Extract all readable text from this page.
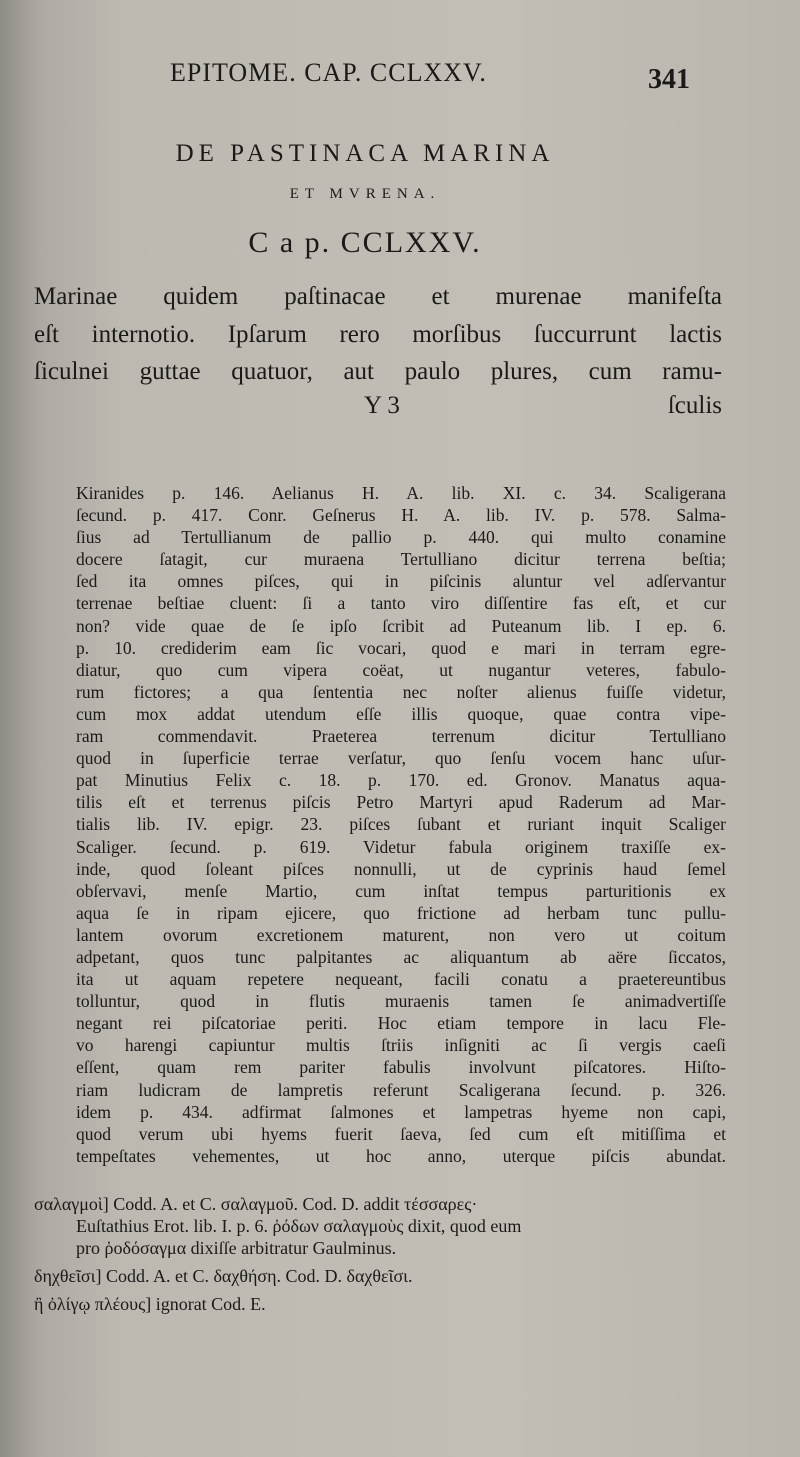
EPITOME. CAP. CCLXXV.	341
DE PASTINACA MARINA
ET MVRENA.
C a p. CCLXXV.
Marinae quidem paſtinacae et murenae manifeſta
eſt internotio. Ipſarum rero morſibus ſuccurrunt lactis
ſiculnei guttae quatuor, aut paulo plures, cum ramu-
Y 3	ſculis
Kiranides p. 146. Aelianus H. A. lib. XI. c. 34. Scaligerana
ſecund. p. 417. Conr. Geſnerus H. A. lib. IV. p. 578. Salma-
ſius ad Tertullianum de pallio p. 440. qui multo conamine
docere ſatagit, cur muraena Tertulliano dicitur terrena beſtia;
ſed ita omnes piſces, qui in piſcinis aluntur vel adſervantur
terrenae beſtiae cluent: ſi a tanto viro diſſentire fas eſt, et cur
non? vide quae de ſe ipſo ſcribit ad Puteanum lib. I ep. 6.
p. 10. crediderim eam ſic vocari, quod e mari in terram egre-
diatur, quo cum vipera coëat, ut nugantur veteres, fabulo-
rum fictores; a qua ſententia nec noſter alienus fuiſſe videtur,
cum mox addat utendum eſſe illis quoque, quae contra vipe-
ram commendavit. Praeterea terrenum dicitur Tertulliano
quod in ſuperficie terrae verſatur, quo ſenſu vocem hanc uſur-
pat Minutius Felix c. 18. p. 170. ed. Gronov. Manatus aqua-
tilis eſt et terrenus piſcis Petro Martyri apud Raderum ad Mar-
tialis lib. IV. epigr. 23. piſces ſubant et ruriant inquit Scaliger
Scaliger. ſecund. p. 619. Videtur fabula originem traxiſſe ex-
inde, quod ſoleant piſces nonnulli, ut de cyprinis haud ſemel
obſervavi, menſe Martio, cum inſtat tempus parturitionis ex
aqua ſe in ripam ejicere, quo frictione ad herbam tunc pullu-
lantem ovorum excretionem maturent, non vero ut coitum
adpetant, quos tunc palpitantes ac aliquantum ab aëre ſiccatos,
ita ut aquam repetere nequeant, facili conatu a praetereuntibus
tolluntur, quod in flutis muraenis tamen ſe animadvertiſſe
negant rei piſcatoriae periti. Hoc etiam tempore in lacu Fle-
vo harengi capiuntur multis ſtriis inſigniti ac ſi vergis caeſi
eſſent, quam rem pariter fabulis involvunt piſcatores. Hiſto-
riam ludicram de lampretis referunt Scaligerana ſecund. p. 326.
idem p. 434. adfirmat ſalmones et lampetras hyeme non capi,
quod verum ubi hyems fuerit ſaeva, ſed cum eſt mitiſſima et
tempeſtates vehementes, ut hoc anno, uterque piſcis abundat.
σαλαγμοὶ] Codd. A. et C. σαλαγμοῦ. Cod. D. addit τέσσαρες·
Euſtathius Erot. lib. I. p. 6. ῥόδων σαλαγμοὺς dixit, quod eum
pro ῥοδόσαγμα dixiſſe arbitratur Gaulminus.
δηχθεῖσι] Codd. A. et C. δαχθήση. Cod. D. δαχθεῖσι.
ἢ ὀλίγῳ πλέους] ignorat Cod. E.
